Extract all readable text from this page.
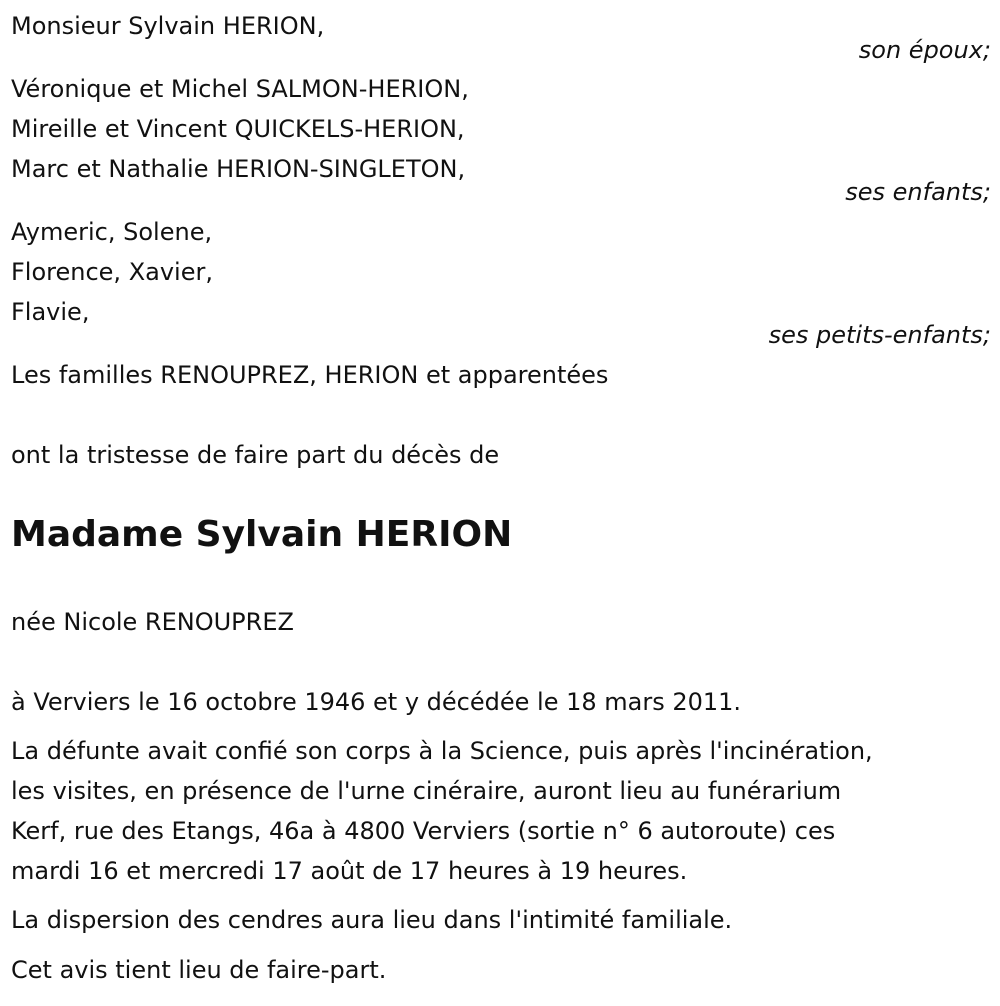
Monsieur Sylvain HERION,
son époux;
Véronique et Michel SALMON-HERION,
Mireille et Vincent QUICKELS-HERION,
Marc et Nathalie HERION-SINGLETON,
ses enfants;
Aymeric, Solene,
Florence, Xavier,
Flavie,
ses petits-enfants;
Les familles RENOUPREZ, HERION et apparentées
ont la tristesse de faire part du décès de
Madame Sylvain HERION
née Nicole RENOUPREZ
à Verviers le 16 octobre 1946 et y décédée le 18 mars 2011.
La défunte avait confié son corps à la Science, puis après l'incinération,
les visites, en présence de l'urne cinéraire, auront lieu au funérarium
Kerf, rue des Etangs, 46a à 4800 Verviers (sortie n° 6 autoroute) ces
mardi 16 et mercredi 17 août de 17 heures à 19 heures.
La dispersion des cendres aura lieu dans l'intimité familiale.
Cet avis tient lieu de faire-part.
